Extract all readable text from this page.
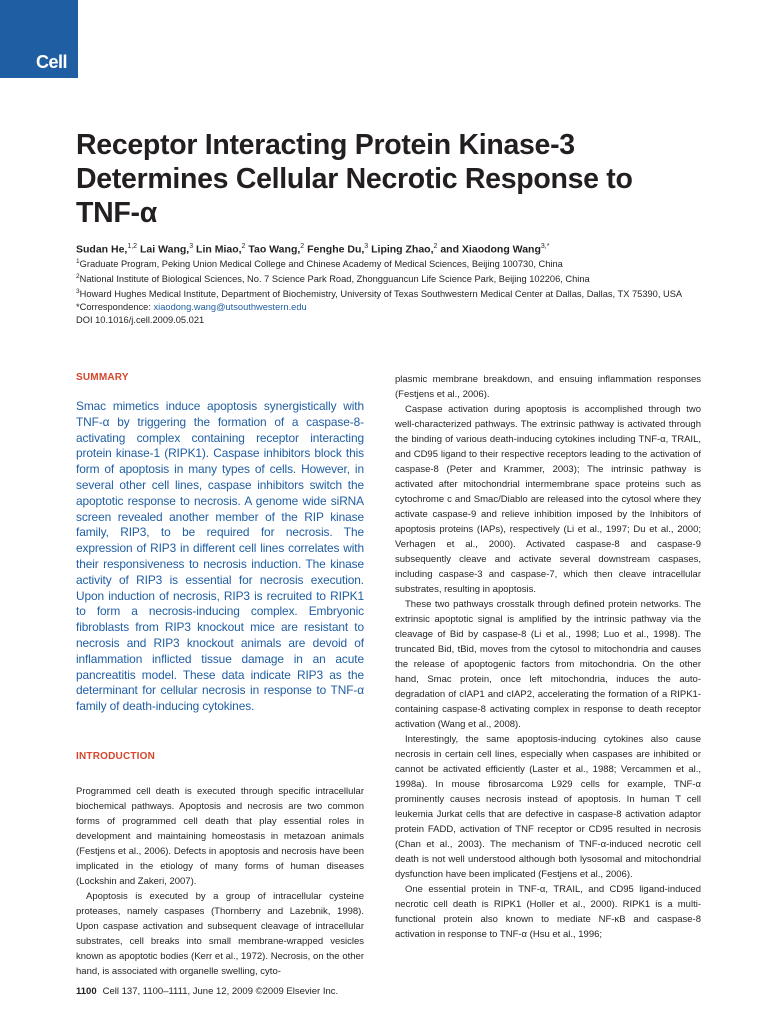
Cell
Receptor Interacting Protein Kinase-3 Determines Cellular Necrotic Response to TNF-α
Sudan He,$^{1,2}$ Lai Wang,$^3$ Lin Miao,$^2$ Tao Wang,$^2$ Fenghe Du,$^3$ Liping Zhao,$^2$ and Xiaodong Wang$^{3,*}$

$^1$Graduate Program, Peking Union Medical College and Chinese Academy of Medical Sciences, Beijing 100730, China

$^2$National Institute of Biological Sciences, No. 7 Science Park Road, Zhongguancun Life Science Park, Beijing 102206, China

$^3$Howard Hughes Medical Institute, Department of Biochemistry, University of Texas Southwestern Medical Center at Dallas, Dallas, TX 75390, USA

*Correspondence: xiaodong.wang@utsouthwestern.edu

DOI 10.1016/j.cell.2009.05.021

SUMMARY

Smac mimetics induce apoptosis synergistically with TNF-α by triggering the formation of a caspase-8-activating complex containing receptor interacting protein kinase-1 (RIPK1). Caspase inhibitors block this form of apoptosis in many types of cells. However, in several other cell lines, caspase inhibitors switch the apoptotic response to necrosis. A genome wide siRNA screen revealed another member of the RIP kinase family, RIP3, to be required for necrosis. The expression of RIP3 in different cell lines correlates with their responsiveness to necrosis induction. The kinase activity of RIP3 is essential for necrosis execution. Upon induction of necrosis, RIP3 is recruited to RIPK1 to form a necrosis-inducing complex. Embryonic fibroblasts from RIP3 knockout mice are resistant to necrosis and RIP3 knockout animals are devoid of inflammation inflicted tissue damage in an acute pancreatitis model. These data indicate RIP3 as the determinant for cellular necrosis in response to TNF-α family of death-inducing cytokines.

INTRODUCTION

Programmed cell death is executed through specific intracellular biochemical pathways. Apoptosis and necrosis are two common forms of programmed cell death that play essential roles in development and maintaining homeostasis in metazoan animals (Festjens et al., 2006). Defects in apoptosis and necrosis have been implicated in the etiology of many forms of human diseases (Lockshin and Zakeri, 2007).

Apoptosis is executed by a group of intracellular cysteine proteases, namely caspases (Thornberry and Lazebnik, 1998). Upon caspase activation and subsequent cleavage of intracellular substrates, cell breaks into small membrane-wrapped vesicles known as apoptotic bodies (Kerr et al., 1972). Necrosis, on the other hand, is associated with organelle swelling, cyto-

plasmic membrane breakdown, and ensuing inflammation responses (Festjens et al., 2006).

Caspase activation during apoptosis is accomplished through two well-characterized pathways. The extrinsic pathway is activated through the binding of various death-inducing cytokines including TNF-α, TRAIL, and CD95 ligand to their respective receptors leading to the activation of caspase-8 (Peter and Krammer, 2003); The intrinsic pathway is activated after mitochondrial intermembrane space proteins such as cytochrome c and Smac/Diablo are released into the cytosol where they activate caspase-9 and relieve inhibition imposed by the Inhibitors of apoptosis proteins (IAPs), respectively (Li et al., 1997; Du et al., 2000; Verhagen et al., 2000). Activated caspase-8 and caspase-9 subsequently cleave and activate several downstream caspases, including caspase-3 and caspase-7, which then cleave intracellular substrates, resulting in apoptosis.

These two pathways crosstalk through defined protein networks. The extrinsic apoptotic signal is amplified by the intrinsic pathway via the cleavage of Bid by caspase-8 (Li et al., 1998; Luo et al., 1998). The truncated Bid, tBid, moves from the cytosol to mitochondria and causes the release of apoptogenic factors from mitochondria. On the other hand, Smac protein, once left mitochondria, induces the auto-degradation of cIAP1 and cIAP2, accelerating the formation of a RIPK1-containing caspase-8 activating complex in response to death receptor activation (Wang et al., 2008).

Interestingly, the same apoptosis-inducing cytokines also cause necrosis in certain cell lines, especially when caspases are inhibited or cannot be activated efficiently (Laster et al., 1988; Vercammen et al., 1998a). In mouse fibrosarcoma L929 cells for example, TNF-α prominently causes necrosis instead of apoptosis. In human T cell leukemia Jurkat cells that are defective in caspase-8 activation adaptor protein FADD, activation of TNF receptor or CD95 resulted in necrosis (Chan et al., 2003). The mechanism of TNF-α-induced necrotic cell death is not well understood although both lysosomal and mitochondrial dysfunction have been implicated (Festjens et al., 2006).

One essential protein in TNF-α, TRAIL, and CD95 ligand-induced necrotic cell death is RIPK1 (Holler et al., 2000). RIPK1 is a multi-functional protein also known to mediate NF-κB and caspase-8 activation in response to TNF-α (Hsu et al., 1996;

1100 Cell 137, 1100–1111, June 12, 2009 ©2009 Elsevier Inc.
